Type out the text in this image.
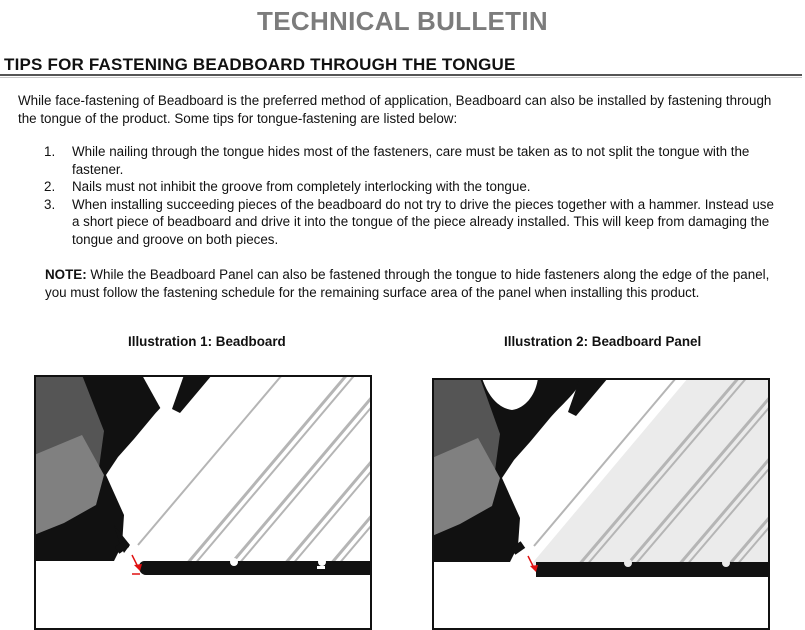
TECHNICAL BULLETIN
TIPS FOR FASTENING BEADBOARD THROUGH THE TONGUE
While face-fastening of Beadboard is the preferred method of application, Beadboard can also be installed by fastening through the tongue of the product. Some tips for tongue-fastening are listed below:
1. While nailing through the tongue hides most of the fasteners, care must be taken as to not split the tongue with the fastener.
2. Nails must not inhibit the groove from completely interlocking with the tongue.
3. When installing succeeding pieces of the beadboard do not try to drive the pieces together with a hammer. Instead use a short piece of beadboard and drive it into the tongue of the piece already installed. This will keep from damaging the tongue and groove on both pieces.
NOTE: While the Beadboard Panel can also be fastened through the tongue to hide fasteners along the edge of the panel, you must follow the fastening schedule for the remaining surface area of the panel when installing this product.
Illustration 1: Beadboard	Illustration 2: Beadboard Panel
